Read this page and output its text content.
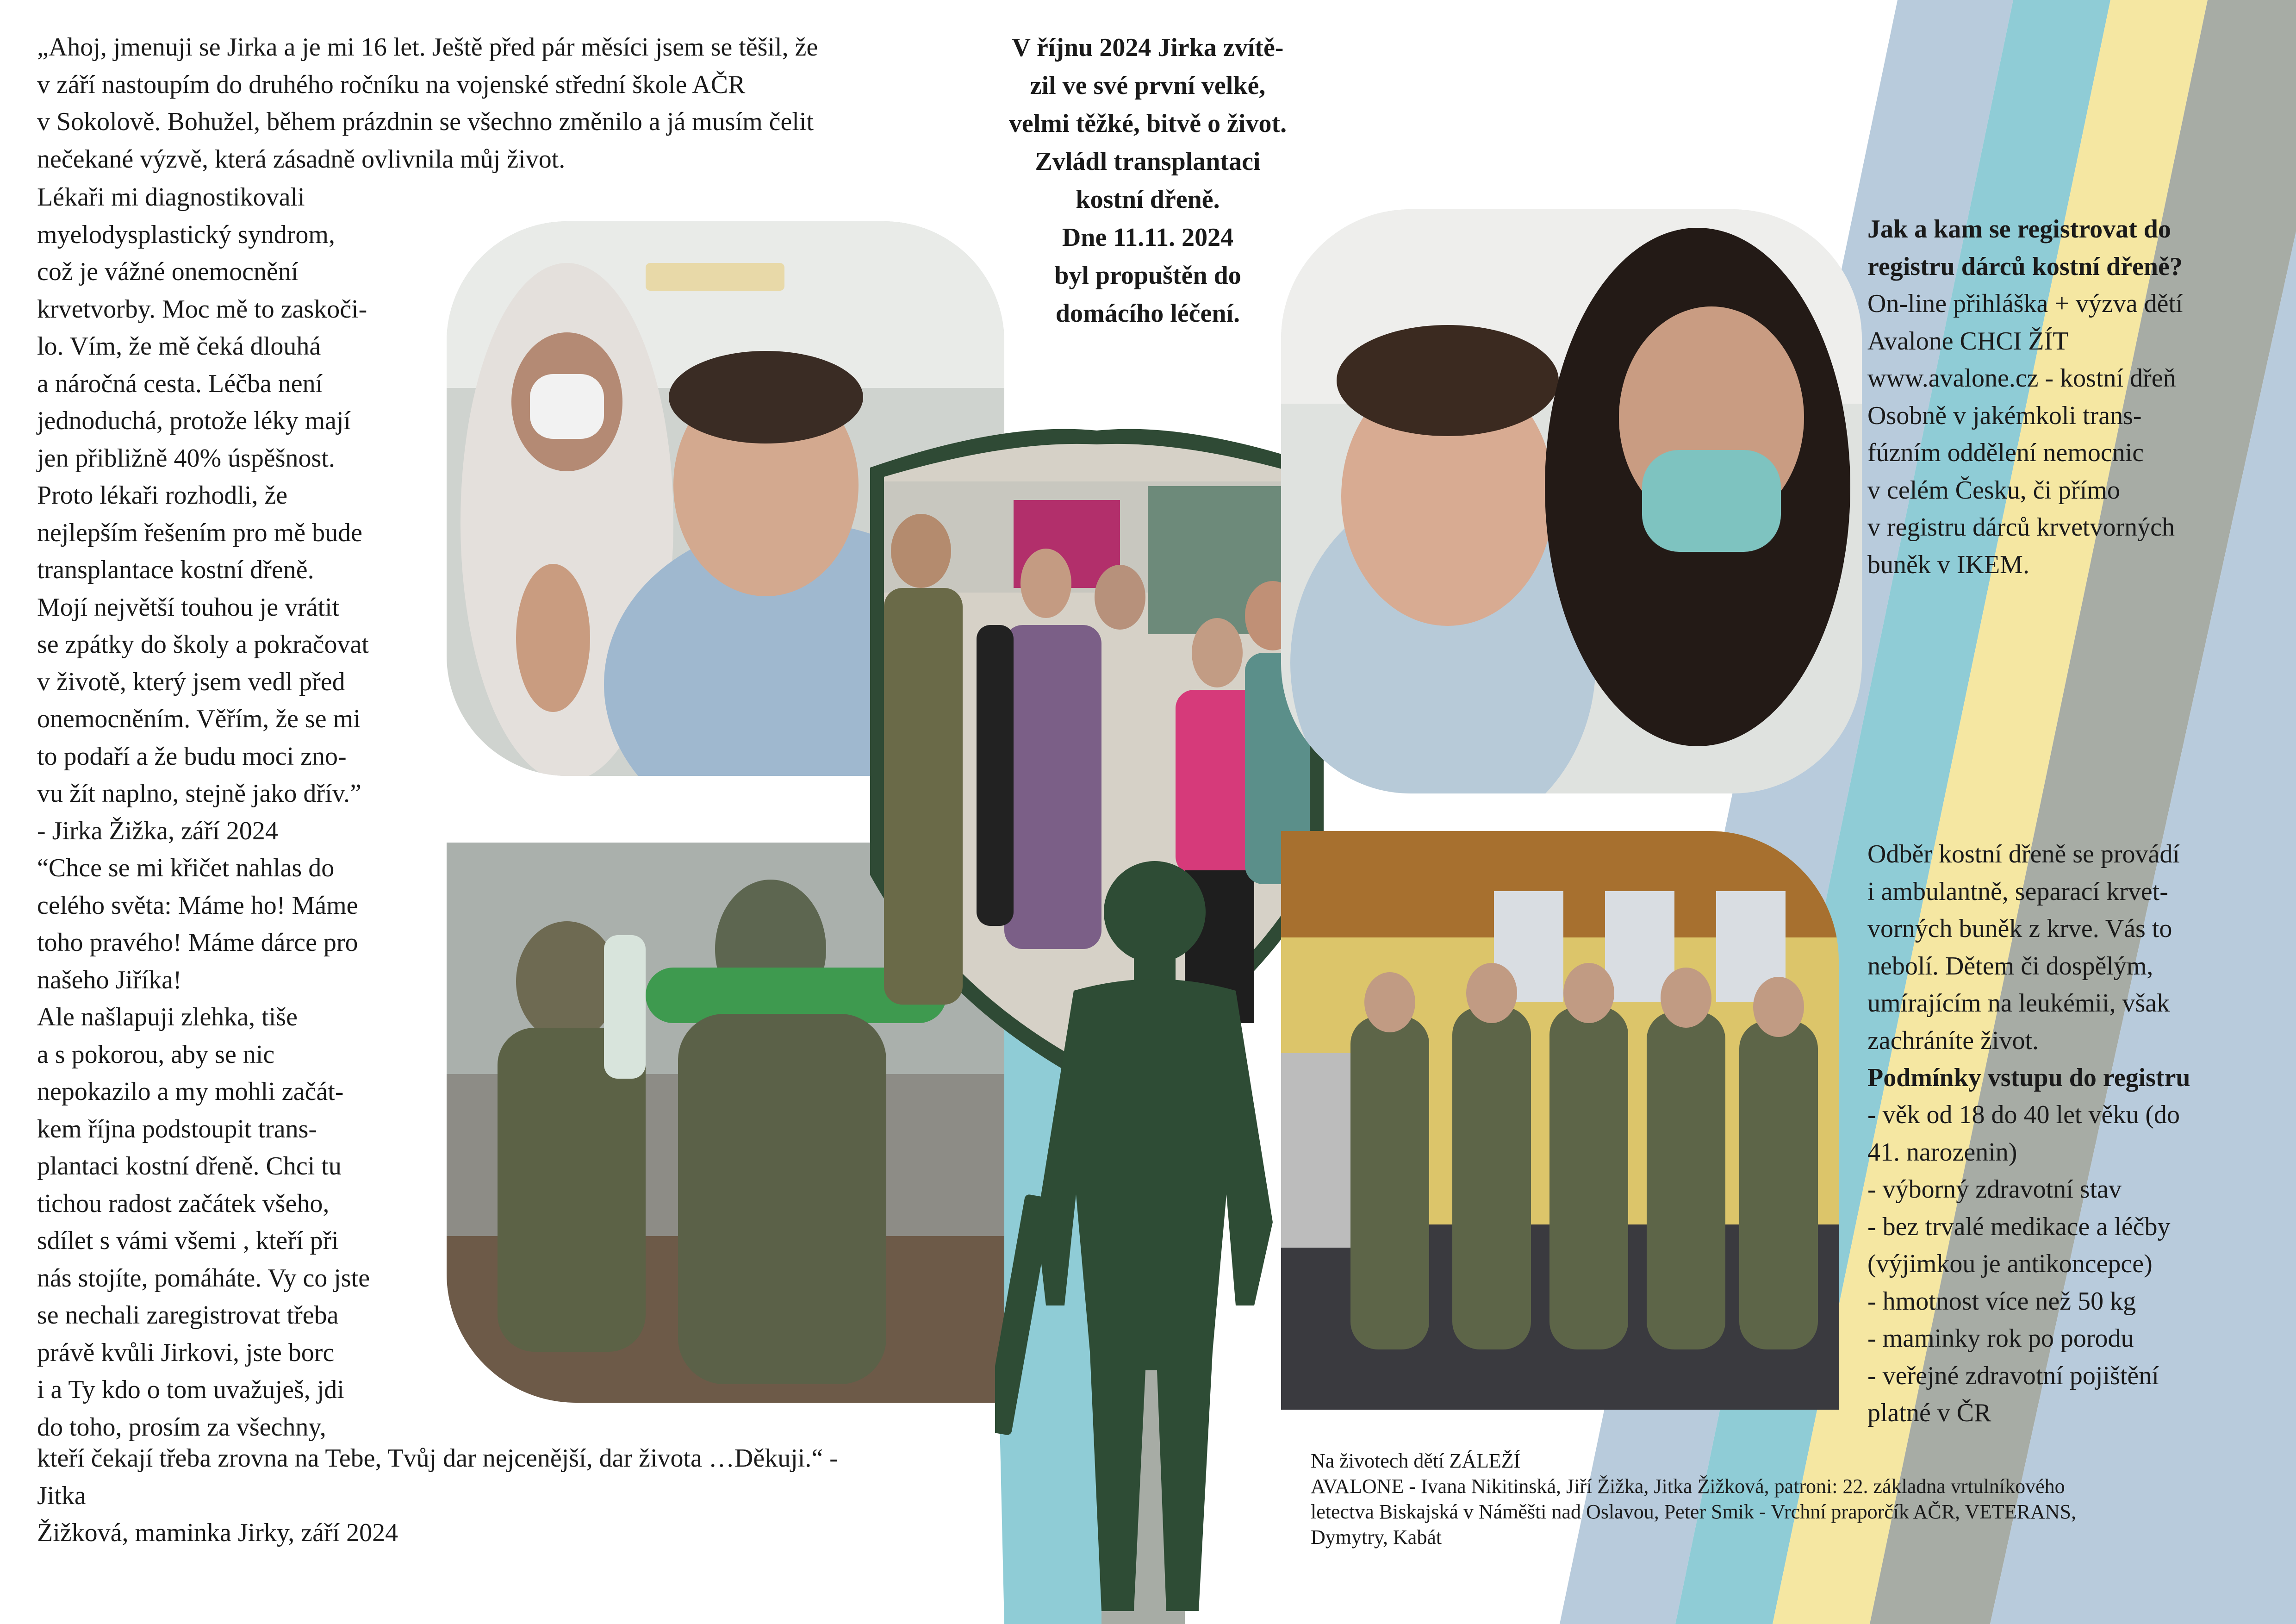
„Ahoj, jmenuji se Jirka a je mi 16 let. Ještě před pár měsíci jsem se těšil, že
v září nastoupím do druhého ročníku na vojenské střední škole AČR
v Sokolově. Bohužel, během prázdnin se všechno změnilo a já musím čelit
nečekané výzvě, která zásadně ovlivnila můj život.
Lékaři mi diagnostikovali
myelodysplastický syndrom,
což je vážné onemocnění
krvetvorby. Moc mě to zaskoči-
lo. Vím, že mě čeká dlouhá
a náročná cesta. Léčba není
jednoduchá, protože léky mají
jen přibližně 40% úspěšnost.
Proto lékaři rozhodli, že
nejlepším řešením pro mě bude
transplantace kostní dřeně.
Mojí největší touhou je vrátit
se zpátky do školy a pokračovat
v životě, který jsem vedl před
onemocněním. Věřím, že se mi
to podaří a že budu moci zno-
vu žít naplno, stejně jako dřív.”
- Jirka Žižka, září 2024
“Chce se mi křičet nahlas do
celého světa: Máme ho! Máme
toho pravého! Máme dárce pro
našeho Jiříka!
Ale našlapuji zlehka, tiše
a s pokorou, aby se nic
nepokazilo a my mohli začát-
kem října podstoupit trans-
plantaci kostní dřeně. Chci tu
tichou radost začátek všeho,
sdílet s vámi všemi , kteří při
nás stojíte, pomáháte. Vy co jste
se nechali zaregistrovat třeba
právě kvůli Jirkovi, jste borc
i a Ty kdo o tom uvažuješ, jdi
do toho, prosím za všechny,
kteří čekají třeba zrovna na Tebe, Tvůj dar nejcenější, dar života …Děkuji.“ -
Jitka
Žižková, maminka Jirky, září 2024
V říjnu 2024 Jirka zvítě-
zil ve své první velké,
velmi těžké, bitvě o život.
Zvládl transplantaci
kostní dřeně.
Dne 11.11. 2024
byl propuštěn do
domácího léčení.
Jak a kam se registrovat do
registru dárců kostní dřeně?
On-line přihláška + výzva dětí
Avalone CHCI ŽÍT
www.avalone.cz - kostní dřeň
Osobně v jakémkoli trans-
fúzním oddělení nemocnic
v celém Česku, či přímo
v registru dárců krvetvorných
buněk v IKEM.
Odběr kostní dřeně se provádí
i ambulantně, separací krvet-
vorných buněk z krve. Vás to
nebolí. Dětem či dospělým,
umírajícím na leukémii, však
zachráníte život.
Podmínky vstupu do registru
- věk od 18 do 40 let věku (do
41. narozenin)
- výborný zdravotní stav
- bez trvalé medikace a léčby
(výjimkou je antikoncepce)
- hmotnost více než 50 kg
- maminky rok po porodu
- veřejné zdravotní pojištění
platné v ČR
Na životech dětí ZÁLEŽÍ
AVALONE - Ivana Nikitinská, Jiří Žižka, Jitka Žižková, patroni: 22. základna vrtulníkového
letectva Biskajská v Náměšti nad Oslavou, Peter Smik - Vrchní praporčík AČR, VETERANS,
Dymytry, Kabát
